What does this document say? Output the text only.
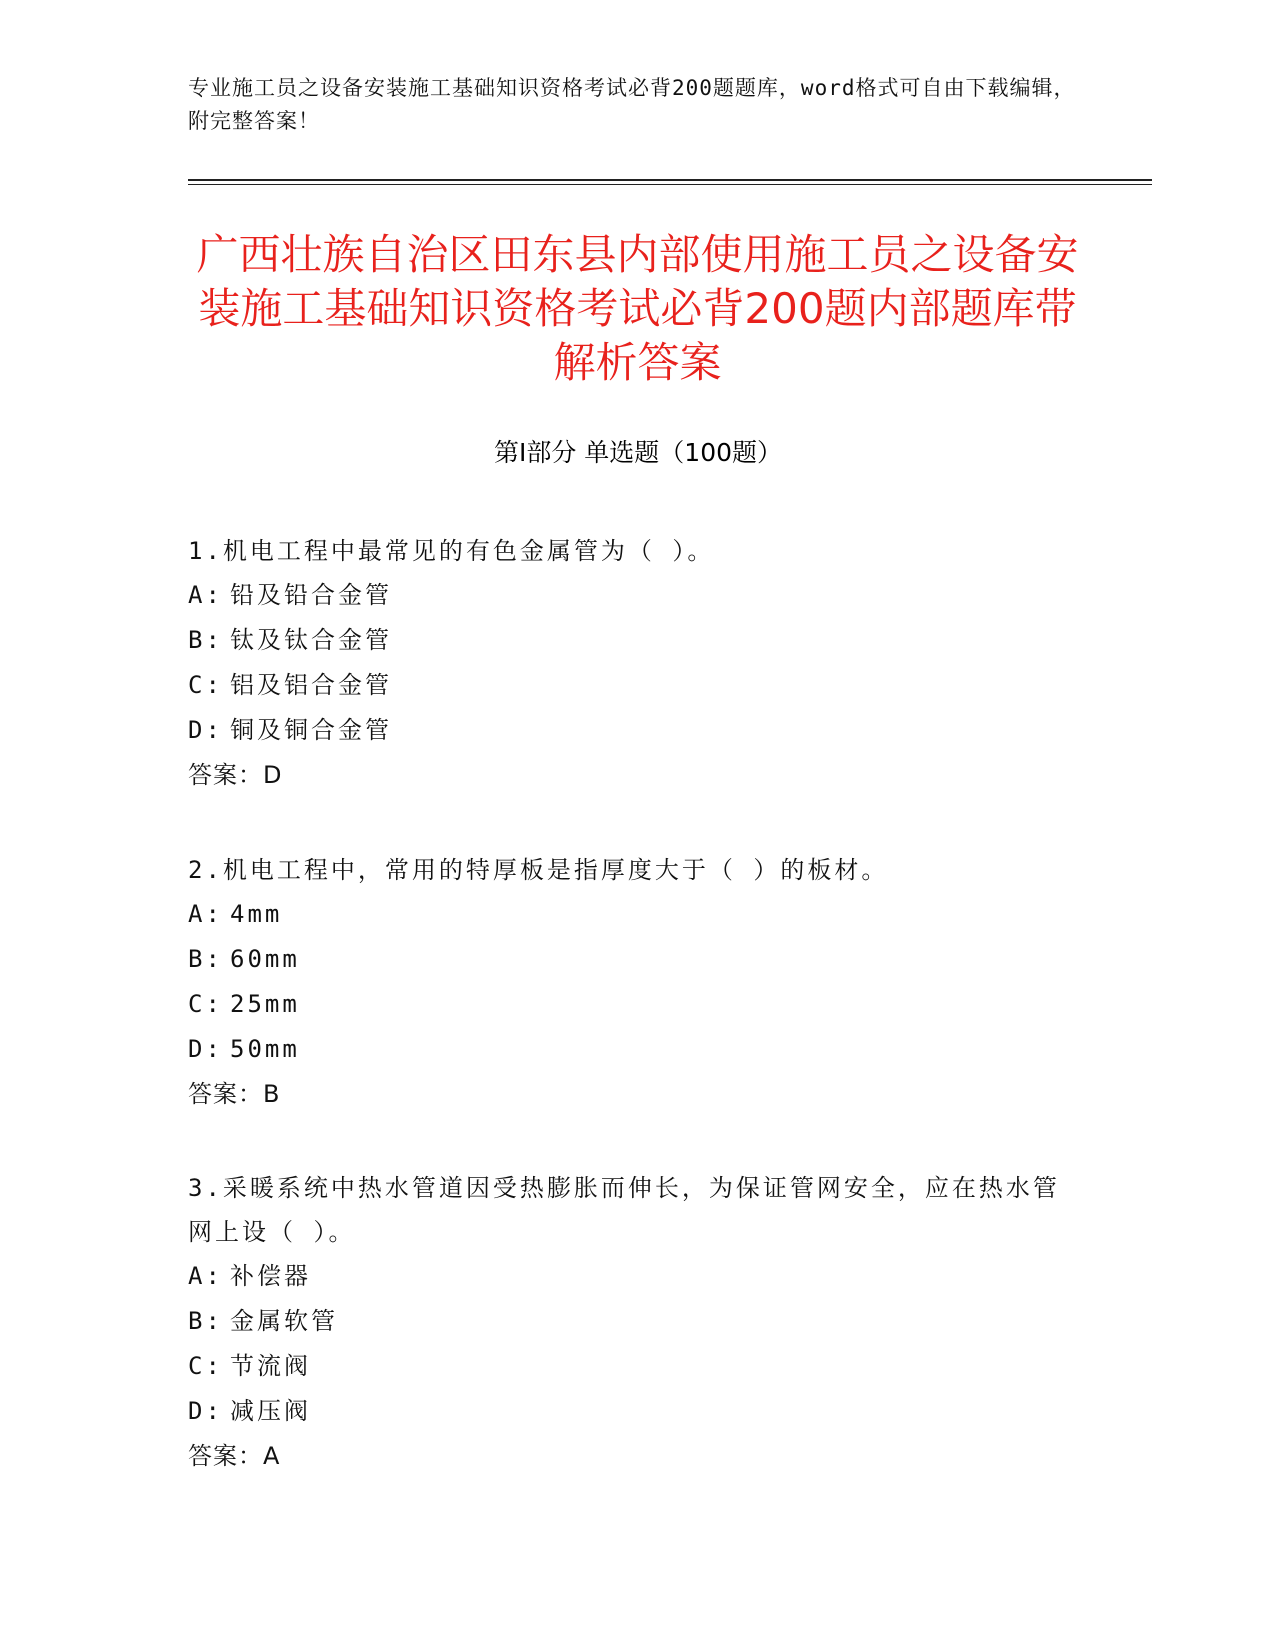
专业施工员之设备安装施工基础知识资格考试必背200题题库，word格式可自由下载编辑，附完整答案！
广西壮族自治区田东县内部使用施工员之设备安装施工基础知识资格考试必背200题内部题库带解析答案
第Ⅰ部分 单选题（100题）

1.机电工程中最常见的有色金属管为（ ）。

A: 铅及铅合金管
B: 钛及钛合金管
C: 铝及铝合金管
D: 铜及铜合金管
答案：D

2.机电工程中，常用的特厚板是指厚度大于（ ）的板材。

A: 4mm
B: 60mm
C: 25mm
D: 50mm
答案：B

3.采暖系统中热水管道因受热膨胀而伸长，为保证管网安全，应在热水管网上设（ ）。

A: 补偿器
B: 金属软管
C: 节流阀
D: 减压阀
答案：A
